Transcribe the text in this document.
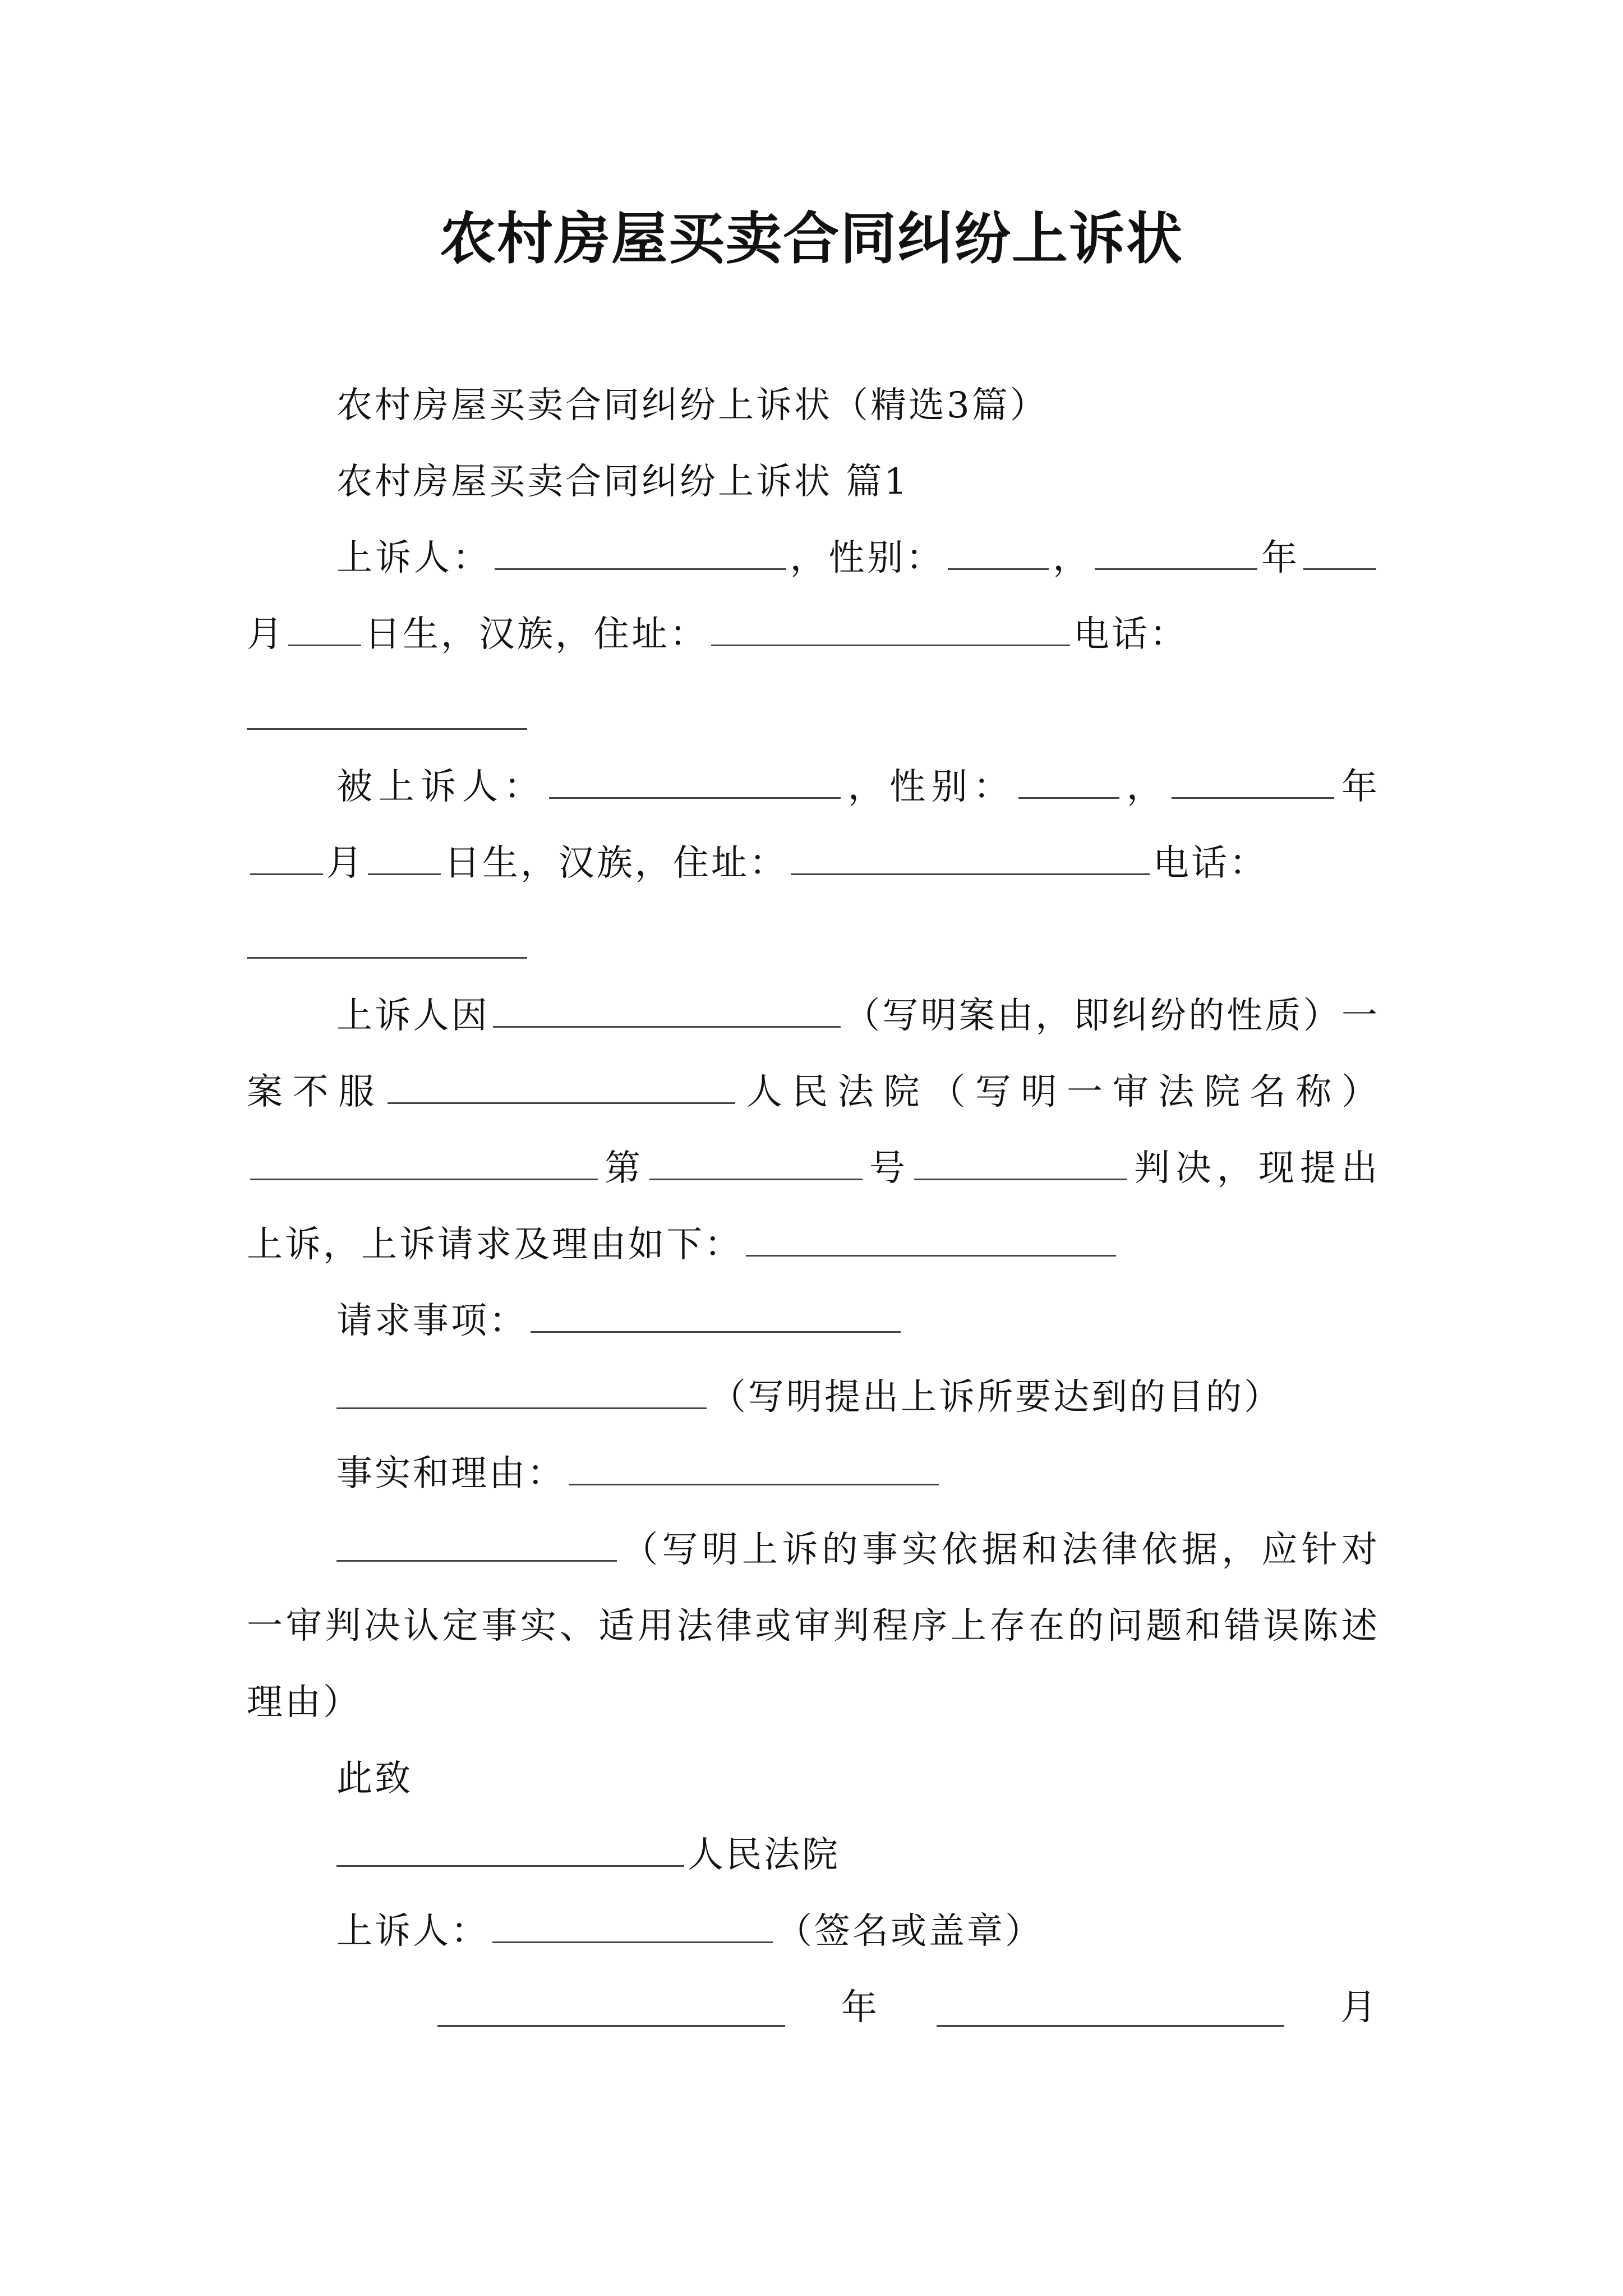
农村房屋买卖合同纠纷上诉状

农村房屋买卖合同纠纷上诉状（精选3篇）

农村房屋买卖合同纠纷上诉状 篇1

上诉人：	，性别：	，	年月 日生，汉族，住址：	电话：

被上诉人：	，性别：	，	年月 日生，汉族，住址：	电话：

上诉人因	（写明案由，即纠纷的性质）一案不服	人民法院（写明一审法院名称）第	号	判决，现提出上诉，上诉请求及理由如下：

请求事项：

（写明提出上诉所要达到的目的）

事实和理由：

（写明上诉的事实依据和法律依据，应针对一审判决认定事实、适用法律或审判程序上存在的问题和错误陈述理由）

此致

人民法院

上诉人：	（签名或盖章）

年	月
